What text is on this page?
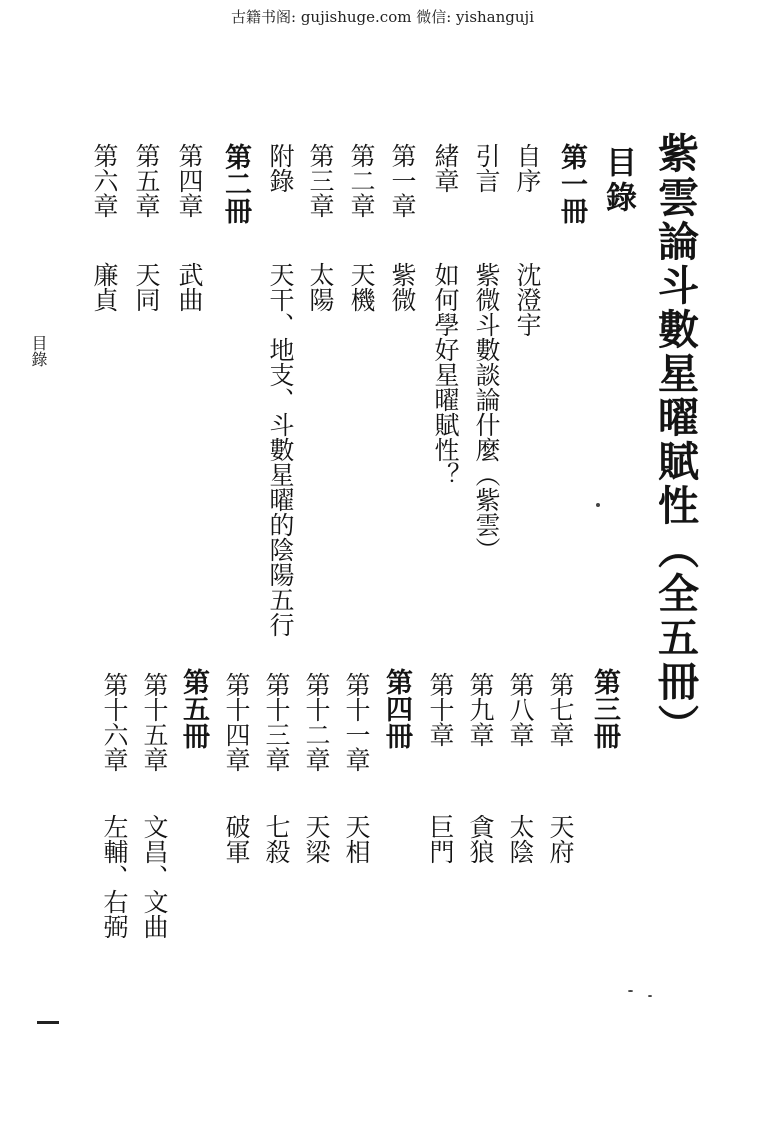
古籍书阁: gujishuge.com 微信: yishanguji
紫雲論斗數星曜賦性（全五冊）
目錄
第一冊
自序
沈澄宇
引言
紫微斗數談論什麼（紫雲）
緒章
如何學好星曜賦性？
第一章
紫微
第二章
天機
第三章
太陽
附錄
天干、地支、斗數星曜的陰陽五行
第二冊
第四章
武曲
第五章
天同
第六章
廉貞
第三冊
第七章
天府
第八章
太陰
第九章
貪狼
第十章
巨門
第四冊
第十一章
天相
第十二章
天梁
第十三章
七殺
第十四章
破軍
第五冊
第十五章
文昌、文曲
第十六章
左輔、右弼
目錄
